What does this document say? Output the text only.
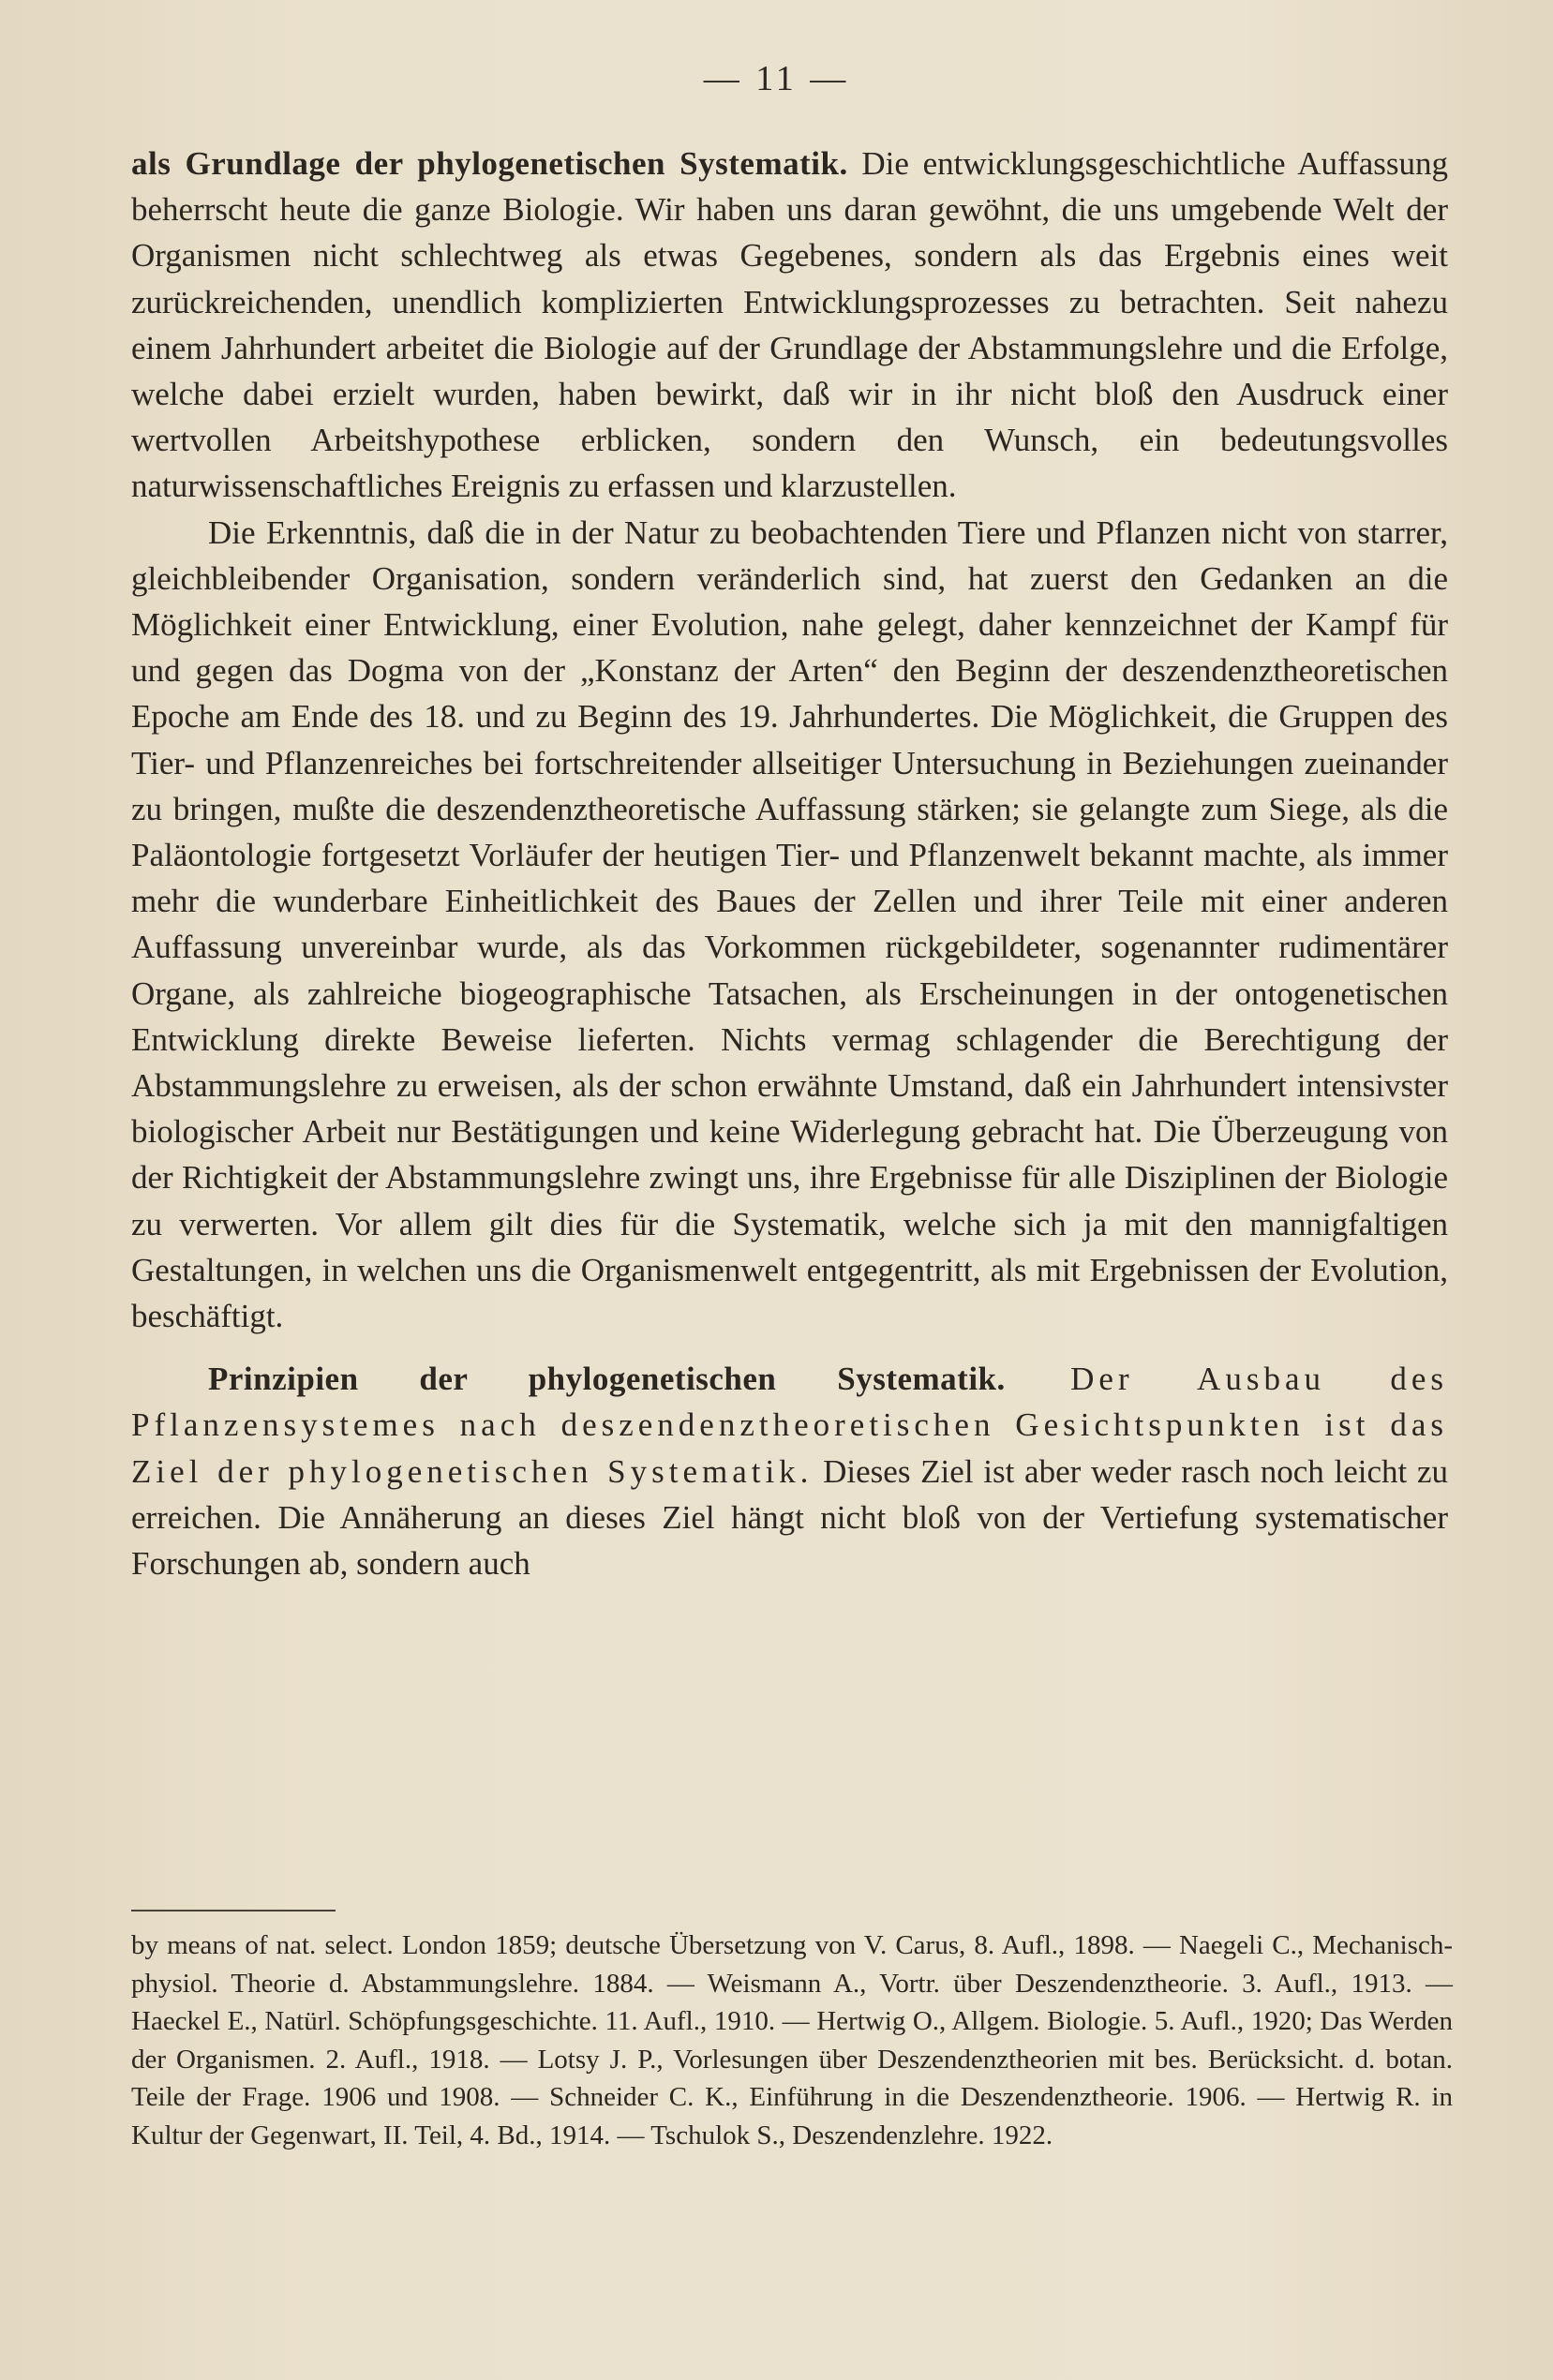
— 11 —

als Grundlage der phylogenetischen Systematik. Die entwicklungsgeschichtliche Auffassung beherrscht heute die ganze Biologie. Wir haben uns daran gewöhnt, die uns umgebende Welt der Organismen nicht schlechtweg als etwas Gegebenes, sondern als das Ergebnis eines weit zurückreichenden, unendlich komplizierten Entwicklungsprozesses zu betrachten. Seit nahezu einem Jahrhundert arbeitet die Biologie auf der Grundlage der Abstammungslehre und die Erfolge, welche dabei erzielt wurden, haben bewirkt, daß wir in ihr nicht bloß den Ausdruck einer wertvollen Arbeitshypothese erblicken, sondern den Wunsch, ein bedeutungsvolles naturwissenschaftliches Ereignis zu erfassen und klarzustellen.

Die Erkenntnis, daß die in der Natur zu beobachtenden Tiere und Pflanzen nicht von starrer, gleichbleibender Organisation, sondern veränderlich sind, hat zuerst den Gedanken an die Möglichkeit einer Entwicklung, einer Evolution, nahe gelegt, daher kennzeichnet der Kampf für und gegen das Dogma von der „Konstanz der Arten“ den Beginn der deszendenztheoretischen Epoche am Ende des 18. und zu Beginn des 19. Jahrhundertes. Die Möglichkeit, die Gruppen des Tier- und Pflanzenreiches bei fortschreitender allseitiger Untersuchung in Beziehungen zueinander zu bringen, mußte die deszendenztheoretische Auffassung stärken; sie gelangte zum Siege, als die Paläontologie fortgesetzt Vorläufer der heutigen Tier- und Pflanzenwelt bekannt machte, als immer mehr die wunderbare Einheitlichkeit des Baues der Zellen und ihrer Teile mit einer anderen Auffassung unvereinbar wurde, als das Vorkommen rückgebildeter, sogenannter rudimentärer Organe, als zahlreiche biogeographische Tatsachen, als Erscheinungen in der ontogenetischen Entwicklung direkte Beweise lieferten. Nichts vermag schlagender die Berechtigung der Abstammungslehre zu erweisen, als der schon erwähnte Umstand, daß ein Jahrhundert intensivster biologischer Arbeit nur Bestätigungen und keine Widerlegung gebracht hat. Die Überzeugung von der Richtigkeit der Abstammungslehre zwingt uns, ihre Ergebnisse für alle Disziplinen der Biologie zu verwerten. Vor allem gilt dies für die Systematik, welche sich ja mit den mannigfaltigen Gestaltungen, in welchen uns die Organismenwelt entgegentritt, als mit Ergebnissen der Evolution, beschäftigt.

Prinzipien der phylogenetischen Systematik. Der Ausbau des Pflanzensystemes nach deszendenztheoretischen Gesichtspunkten ist das Ziel der phylogenetischen Systematik. Dieses Ziel ist aber weder rasch noch leicht zu erreichen. Die Annäherung an dieses Ziel hängt nicht bloß von der Vertiefung systematischer Forschungen ab, sondern auch

by means of nat. select. London 1859; deutsche Übersetzung von V. Carus, 8. Aufl., 1898. — Naegeli C., Mechanisch-physiol. Theorie d. Abstammungslehre. 1884. — Weismann A., Vortr. über Deszendenztheorie. 3. Aufl., 1913. — Haeckel E., Natürl. Schöpfungsgeschichte. 11. Aufl., 1910. — Hertwig O., Allgem. Biologie. 5. Aufl., 1920; Das Werden der Organismen. 2. Aufl., 1918. — Lotsy J. P., Vorlesungen über Deszendenztheorien mit bes. Berücksicht. d. botan. Teile der Frage. 1906 und 1908. — Schneider C. K., Einführung in die Deszendenztheorie. 1906. — Hertwig R. in Kultur der Gegenwart, II. Teil, 4. Bd., 1914. — Tschulok S., Deszendenzlehre. 1922.
